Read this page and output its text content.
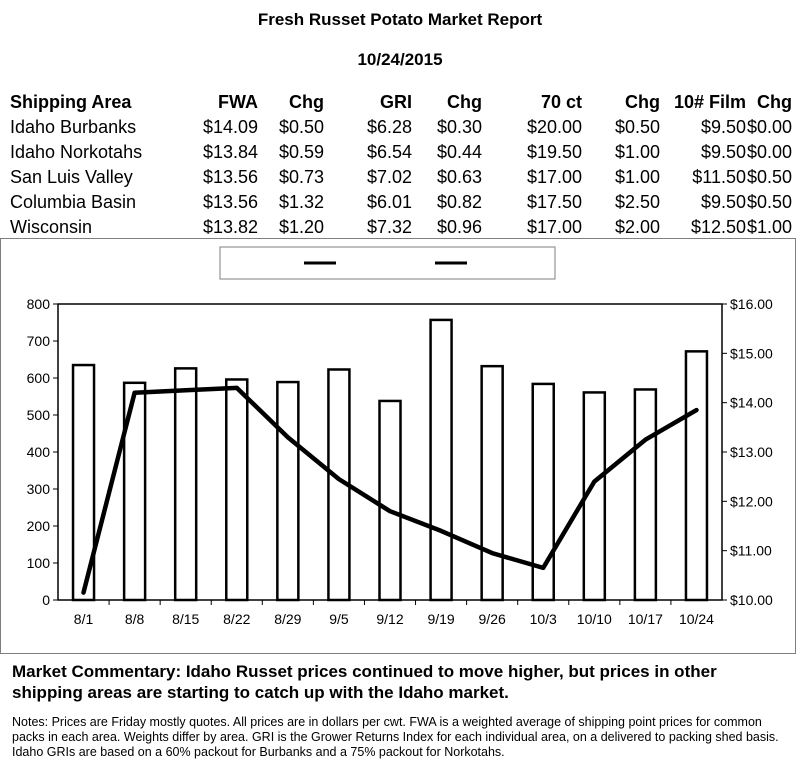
Fresh Russet Potato Market Report
10/24/2015
Shipping Area	FWA	Chg	GRI	Chg	70 ct	Chg	10# Film	Chg
Idaho Burbanks	$14.09	$0.50	$6.28	$0.30	$20.00	$0.50	$9.50	$0.00
Idaho Norkotahs	$13.84	$0.59	$6.54	$0.44	$19.50	$1.00	$9.50	$0.00
San Luis Valley	$13.56	$0.73	$7.02	$0.63	$17.00	$1.00	$11.50	$0.50
Columbia Basin	$13.56	$1.32	$6.01	$0.82	$17.50	$2.50	$9.50	$0.50
Wisconsin	$13.82	$1.20	$7.32	$0.96	$17.00	$2.00	$12.50	$1.00
0
100
200
300
400
500
600
700
800
$10.00
$11.00
$12.00
$13.00
$14.00
$15.00
$16.00
8/1 8/8 8/15 8/22 8/29 9/5 9/12 9/19 9/26 10/3 10/10 10/17 10/24
Market Commentary: Idaho Russet prices continued to move higher, but prices in other shipping areas are starting to catch up with the Idaho market.
Notes: Prices are Friday mostly quotes. All prices are in dollars per cwt. FWA is a weighted average of shipping point prices for common packs in each area. Weights differ by area. GRI is the Grower Returns Index for each individual area, on a delivered to packing shed basis. Idaho GRIs are based on a 60% packout for Burbanks and a 75% packout for Norkotahs.
